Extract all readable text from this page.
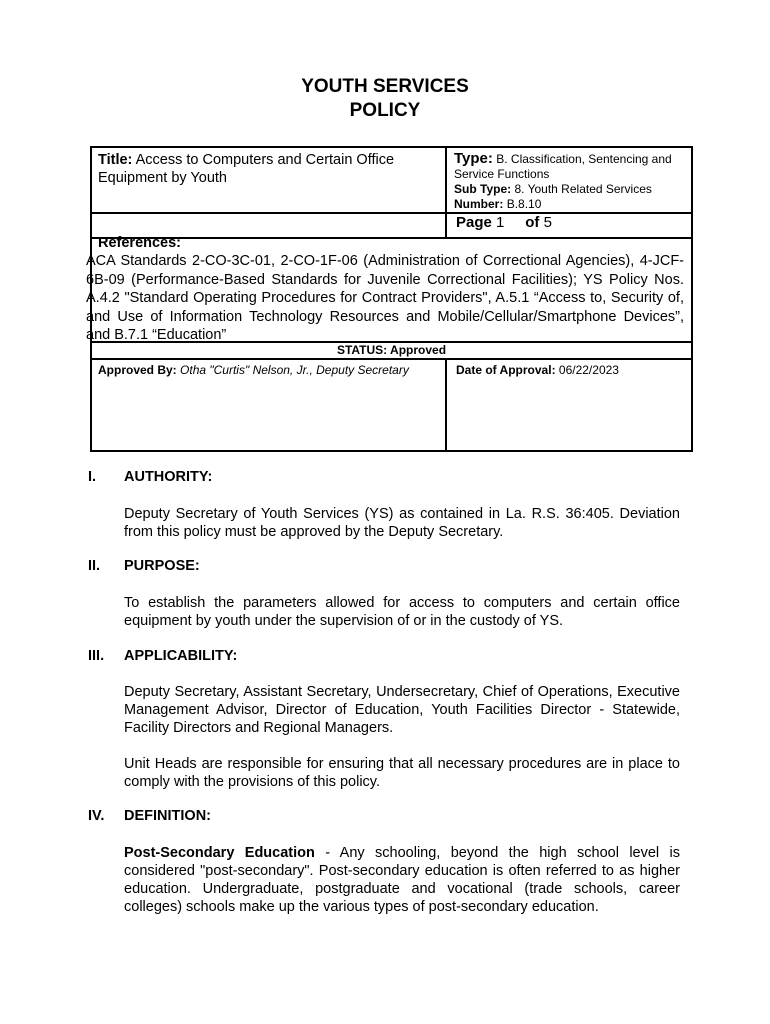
YOUTH SERVICES
POLICY
Title: Access to Computers and Certain Office Equipment by Youth
Type: B. Classification, Sentencing and Service Functions
Sub Type: 8. Youth Related Services
Number: B.8.10
Page 1 of 5
References:
ACA Standards 2-CO-3C-01, 2-CO-1F-06 (Administration of Correctional Agencies), 4-JCF-6B-09 (Performance-Based Standards for Juvenile Correctional Facilities); YS Policy Nos. A.4.2 "Standard Operating Procedures for Contract Providers", A.5.1 “Access to, Security of, and Use of Information Technology Resources and Mobile/Cellular/Smartphone Devices”, and B.7.1 “Education”
STATUS: Approved
Approved By: Otha "Curtis" Nelson, Jr., Deputy Secretary	Date of Approval: 06/22/2023
I. AUTHORITY:
Deputy Secretary of Youth Services (YS) as contained in La. R.S. 36:405. Deviation from this policy must be approved by the Deputy Secretary.
II. PURPOSE:
To establish the parameters allowed for access to computers and certain office equipment by youth under the supervision of or in the custody of YS.
III. APPLICABILITY:
Deputy Secretary, Assistant Secretary, Undersecretary, Chief of Operations, Executive Management Advisor, Director of Education, Youth Facilities Director - Statewide, Facility Directors and Regional Managers.
Unit Heads are responsible for ensuring that all necessary procedures are in place to comply with the provisions of this policy.
IV. DEFINITION:
Post-Secondary Education - Any schooling, beyond the high school level is considered "post-secondary". Post-secondary education is often referred to as higher education. Undergraduate, postgraduate and vocational (trade schools, career colleges) schools make up the various types of post-secondary education.
